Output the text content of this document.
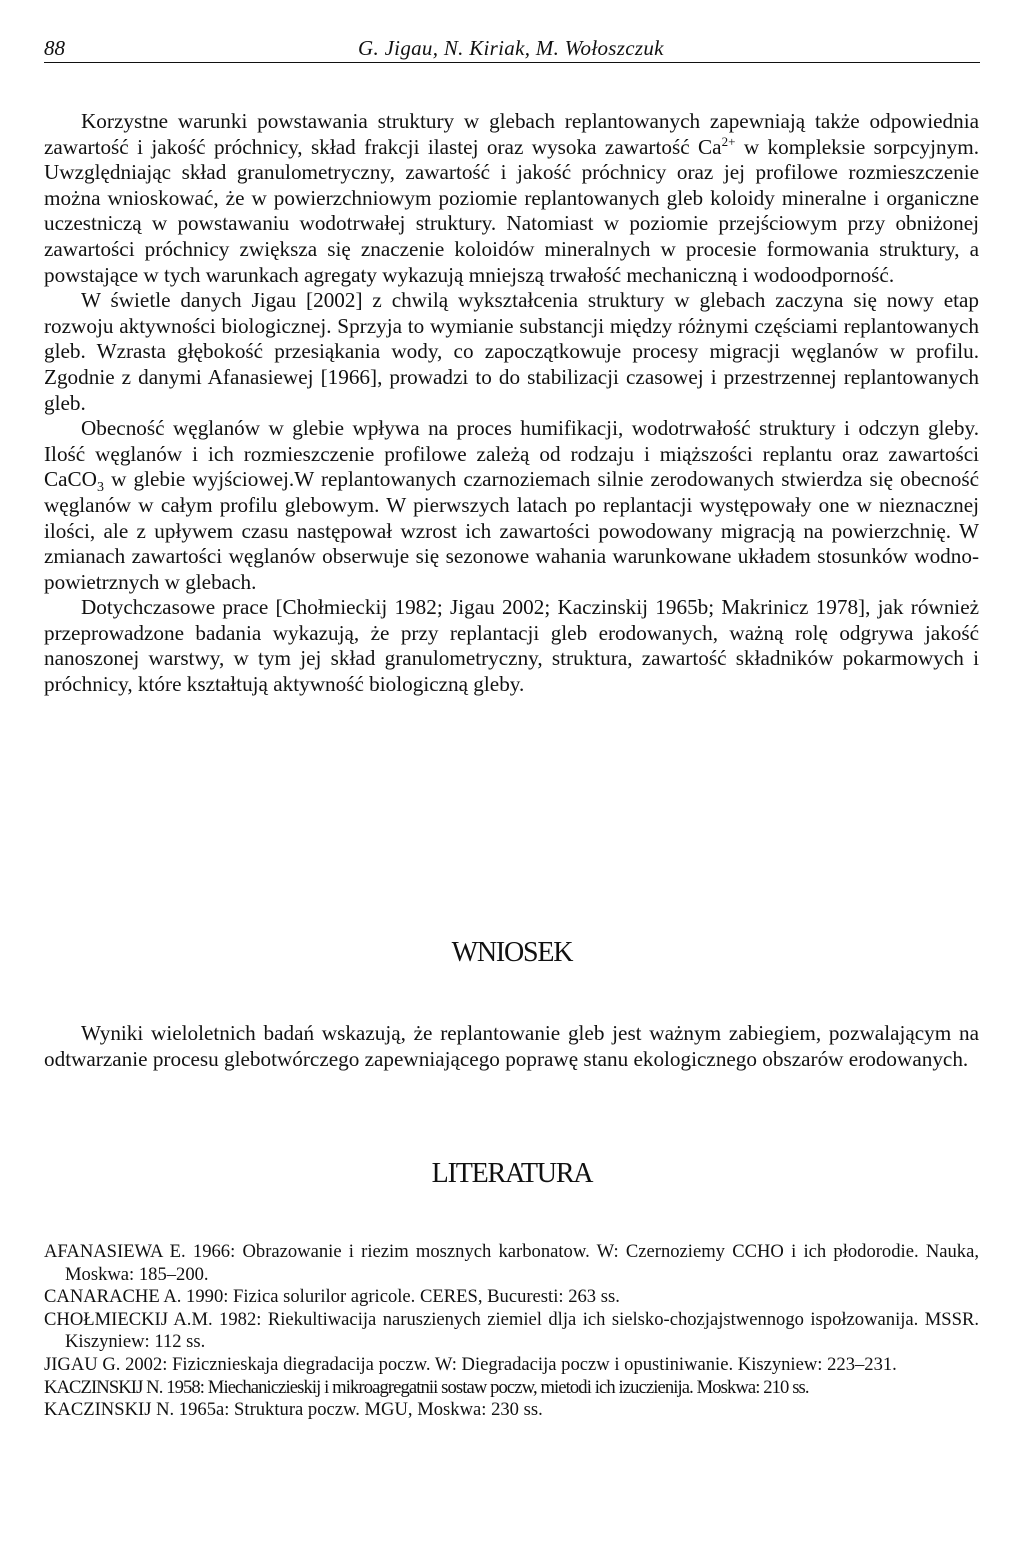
88	G. Jigau, N. Kiriak, M. Wołoszczuk

Korzystne warunki powstawania struktury w glebach replantowanych zapewniają także odpowiednia zawartość i jakość próchnicy, skład frakcji ilastej oraz wysoka zawartość $Ca^{2+}$ w kompleksie sorpcyjnym. Uwzględniając skład granulometryczny, zawartość i jakość próchnicy oraz jej profilowe rozmieszczenie można wnioskować, że w powierzchniowym poziomie replantowanych gleb koloidy mineralne i organiczne uczestniczą w powstawaniu wodotrwałej struktury. Natomiast w poziomie przejściowym przy obniżonej zawartości próchnicy zwiększa się znaczenie koloidów mineralnych w procesie formowania struktury, a powstające w tych warunkach agregaty wykazują mniejszą trwałość mechaniczną i wodoodporność.

W świetle danych Jigau [2002] z chwilą wykształcenia struktury w glebach zaczyna się nowy etap rozwoju aktywności biologicznej. Sprzyja to wymianie substancji między różnymi częściami replantowanych gleb. Wzrasta głębokość przesiąkania wody, co zapoczątkowuje procesy migracji węglanów w profilu. Zgodnie z danymi Afanasiewej [1966], prowadzi to do stabilizacji czasowej i przestrzennej replantowanych gleb.

Obecność węglanów w glebie wpływa na proces humifikacji, wodotrwałość struktury i odczyn gleby. Ilość węglanów i ich rozmieszczenie profilowe zależą od rodzaju i miąższości replantu oraz zawartości CaCO$_3$ w glebie wyjściowej.W replantowanych czarnoziemach silnie zerodowanych stwierdza się obecność węglanów w całym profilu glebowym. W pierwszych latach po replantacji występowały one w nieznacznej ilości, ale z upływem czasu następował wzrost ich zawartości powodowany migracją na powierzchnię. W zmianach zawartości węglanów obserwuje się sezonowe wahania warunkowane układem stosunków wodno-powietrznych w glebach.

Dotychczasowe prace [Chołmieckij 1982; Jigau 2002; Kaczinskij 1965b; Makrinicz 1978], jak również przeprowadzone badania wykazują, że przy replantacji gleb erodowanych, ważną rolę odgrywa jakość nanoszonej warstwy, w tym jej skład granulometryczny, struktura, zawartość składników pokarmowych i próchnicy, które kształtują aktywność biologiczną gleby.

WNIOSEK

Wyniki wieloletnich badań wskazują, że replantowanie gleb jest ważnym zabiegiem, pozwalającym na odtwarzanie procesu glebotwórczego zapewniającego poprawę stanu ekologicznego obszarów erodowanych.

LITERATURA

AFANASIEWA E. 1966: Obrazowanie i riezim mosznych karbonatow. W: Czernoziemy CCHO i ich płodorodie. Nauka, Moskwa: 185–200.

CANARACHE A. 1990: Fizica solurilor agricole. CERES, Bucuresti: 263 ss.

CHOŁMIECKIJ A.M. 1982: Riekultiwacija naruszienych ziemiel dlja ich sielsko-chozjajstwennogo ispołzowanija. MSSR. Kiszyniew: 112 ss.

JIGAU G. 2002: Fizicznieskaja diegradacija poczw. W: Diegradacija poczw i opustiniwanie. Kiszyniew: 223–231.

KACZINSKIJ N. 1958: Miechaniczieskij i mikroagregatnii sostaw poczw, mietodi ich izuczienija. Moskwa: 210 ss.

KACZINSKIJ N. 1965a: Struktura poczw. MGU, Moskwa: 230 ss.
